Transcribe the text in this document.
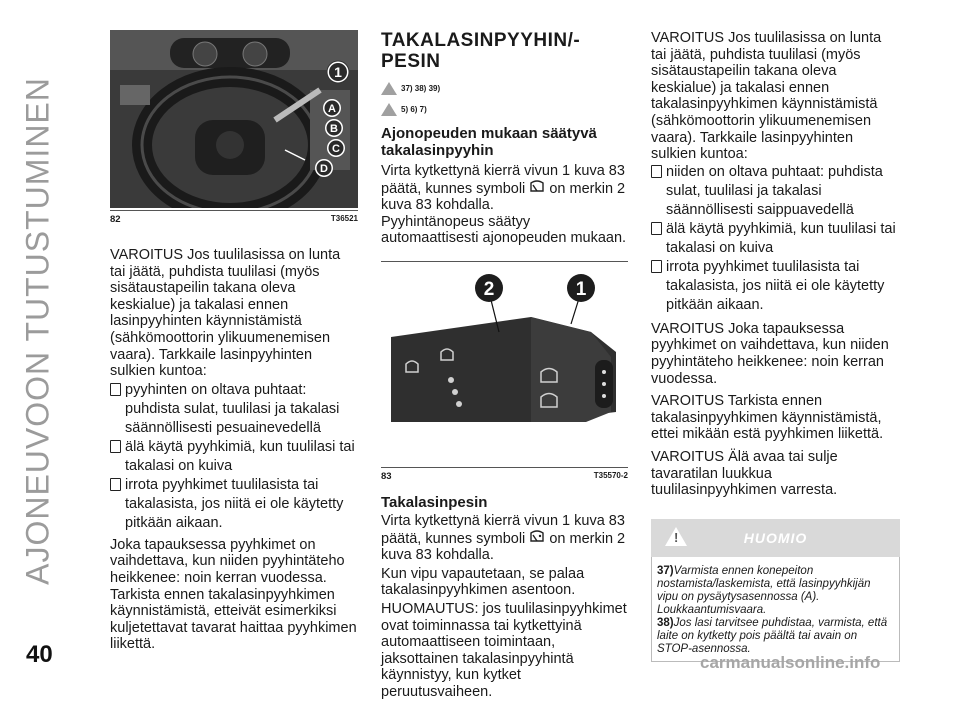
AJONEUVOON TUTUSTUMINEN
1
A
B
C
D
82	T36521

VAROITUS Jos tuulilasissa on lunta tai jäätä, puhdista tuulilasi (myös sisätaustapeilin takana oleva keskialue) ja takalasi ennen lasinpyyhinten käynnistämistä (sähkömoottorin ylikuumenemisen vaara). Tarkkaile lasinpyyhinten sulkien kuntoa:

pyyhinten on oltava puhtaat: puhdista sulat, tuulilasi ja takalasi säännöllisesti pesuainevedellä
älä käytä pyyhkimiä, kun tuulilasi tai takalasi on kuiva
irrota pyyhkimet tuulilasista tai takalasista, jos niitä ei ole käytetty pitkään aikaan.

Joka tapauksessa pyyhkimet on vaihdettava, kun niiden pyyhintäteho heikkenee: noin kerran vuodessa.

Tarkista ennen takalasinpyyhkimen käynnistämistä, etteivät esimerkiksi kuljetettavat tavarat haittaa pyyhkimen liikettä.

TAKALASINPYYHIN/-
PESIN
37) 38) 39)
5) 6) 7)
Ajonopeuden mukaan säätyvä takalasinpyyhin

Virta kytkettynä kierrä vivun 1 kuva 83 päätä, kunnes symboli on merkin 2 kuva 83 kohdalla.

Pyyhintänopeus säätyy automaattisesti ajonopeuden mukaan.

2	1
83	T35570-2
Takalasinpesin

Virta kytkettynä kierrä vivun 1 kuva 83 päätä, kunnes symboli on merkin 2 kuva 83 kohdalla.

Kun vipu vapautetaan, se palaa takalasinpyyhkimen asentoon.

HUOMAUTUS: jos tuulilasinpyyhkimet ovat toiminnassa tai kytkettyinä automaattiseen toimintaan, jaksottainen takalasinpyyhintä käynnistyy, kun kytket peruutusvaiheen.

VAROITUS Jos tuulilasissa on lunta tai jäätä, puhdista tuulilasi (myös sisätaustapeilin takana oleva keskialue) ja takalasi ennen takalasinpyyhkimen käynnistämistä (sähkömoottorin ylikuumenemisen vaara). Tarkkaile lasinpyyhinten sulkien kuntoa:

niiden on oltava puhtaat: puhdista sulat, tuulilasi ja takalasi säännöllisesti saippuavedellä
älä käytä pyyhkimiä, kun tuulilasi tai takalasi on kuiva
irrota pyyhkimet tuulilasista tai takalasista, jos niitä ei ole käytetty pitkään aikaan.

VAROITUS Joka tapauksessa pyyhkimet on vaihdettava, kun niiden pyyhintäteho heikkenee: noin kerran vuodessa.

VAROITUS Tarkista ennen takalasinpyyhkimen käynnistämistä, ettei mikään estä pyyhkimen liikettä.

VAROITUS Älä avaa tai sulje tavaratilan luukkua tuulilasinpyyhkimen varresta.

!
HUOMIO

37)Varmista ennen konepeiton nostamista/laskemista, että lasinpyyhkijän vipu on pysäytysasennossa (A). Loukkaantumisvaara.

38)Jos lasi tarvitsee puhdistaa, varmista, että laite on kytketty pois päältä tai avain on STOP-asennossa.

40	carmanualsonline.info
